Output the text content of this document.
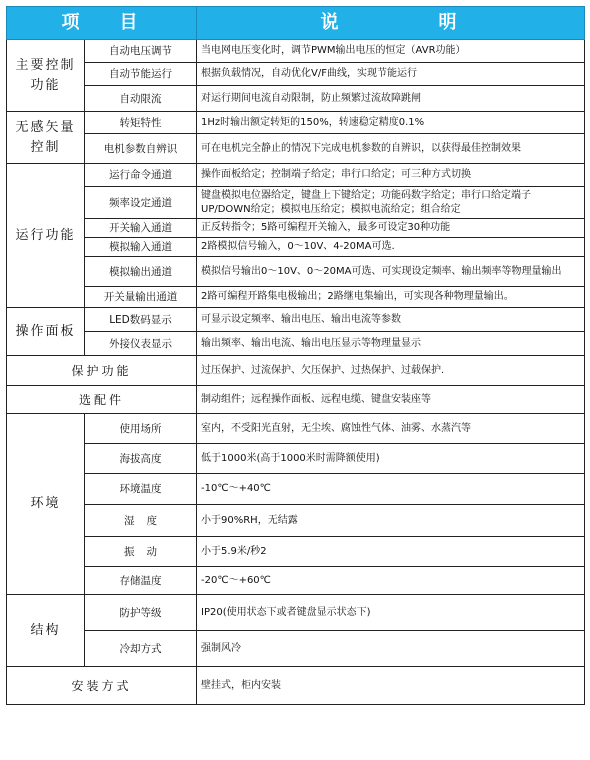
项目		说明
主要控制功能	自动电压调节	当电网电压变化时，调节PWM输出电压的恒定（AVR功能）
	自动节能运行	根据负载情况，自动优化V/F曲线，实现节能运行
	自动限流	对运行期间电流自动限制，防止频繁过流故障跳闸
无感矢量控制	转矩特性	1Hz时输出额定转矩的150%，转速稳定精度0.1%
	电机参数自辨识	可在电机完全静止的情况下完成电机参数的自辨识，以获得最佳控制效果
运行功能	运行命令通道	操作面板给定；控制端子给定；串行口给定；可三种方式切换
	频率设定通道	键盘模拟电位器给定，键盘上下键给定；功能码数字给定；串行口给定端子UP/DOWN给定；模拟电压给定；模拟电流给定；组合给定
	开关输入通道	正反转指令；5路可编程开关输入，最多可设定30种功能
	模拟输入通道	2路模拟信号输入，0～10V、4-20MA可选.
	模拟输出通道	模拟信号输出0～10V、0～20MA可选、可实现设定频率、输出频率等物理量输出
	开关量输出通道	2路可编程开路集电极输出；2路继电集输出，可实现各种物理量输出。
操作面板	LED数码显示	可显示设定频率、输出电压、输出电流等参数
	外接仪表显示	输出频率、输出电流、输出电压显示等物理量显示
保护功能		过压保护、过流保护、欠压保护、过热保护、过载保护.
选配件		制动组件；远程操作面板、远程电缆、键盘安装座等
环境	使用场所	室内，不受阳光直射，无尘埃、腐蚀性气体、油雾、水蒸汽等
	海拔高度	低于1000米(高于1000米时需降额使用)
	环境温度	-10℃～+40℃
	湿度	小于90%RH，无结露
	振动	小于5.9米/秒2
	存储温度	-20℃～+60℃
结构	防护等级	IP20(使用状态下或者键盘显示状态下)
	冷却方式	强制风冷
安装方式		壁挂式，柜内安装
